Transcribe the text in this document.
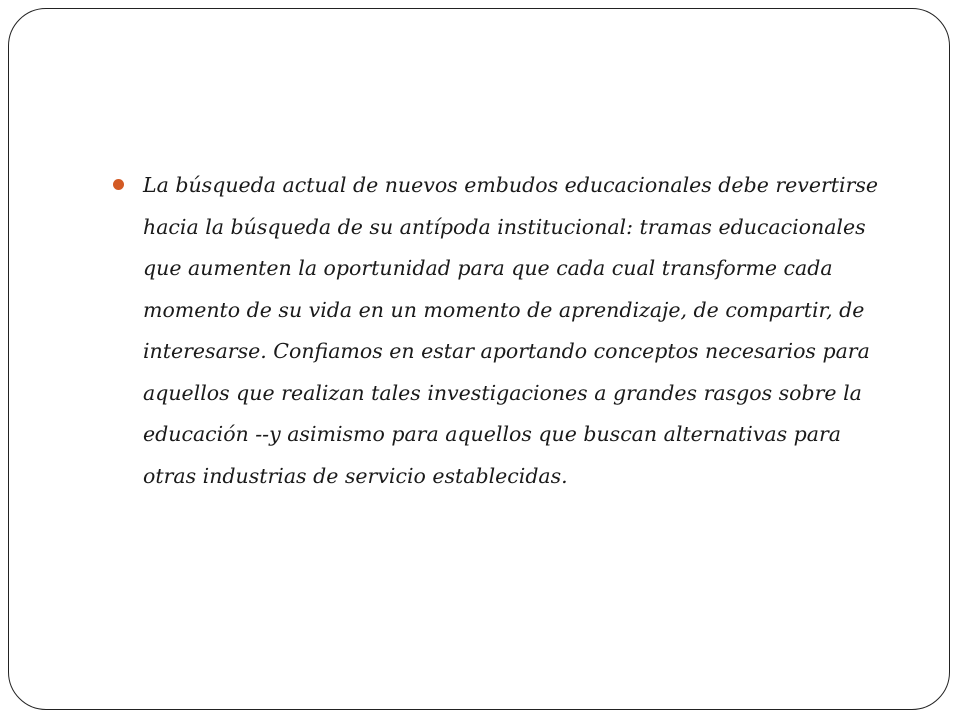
La búsqueda actual de nuevos embudos educacionales debe revertirse
hacia la búsqueda de su antípoda institucional: tramas educacionales
que aumenten la oportunidad para que cada cual transforme cada
momento de su vida en un momento de aprendizaje, de compartir, de
interesarse. Confiamos en estar aportando conceptos necesarios para
aquellos que realizan tales investigaciones a grandes rasgos sobre la
educación --y asimismo para aquellos que buscan alternativas para
otras industrias de servicio establecidas.
